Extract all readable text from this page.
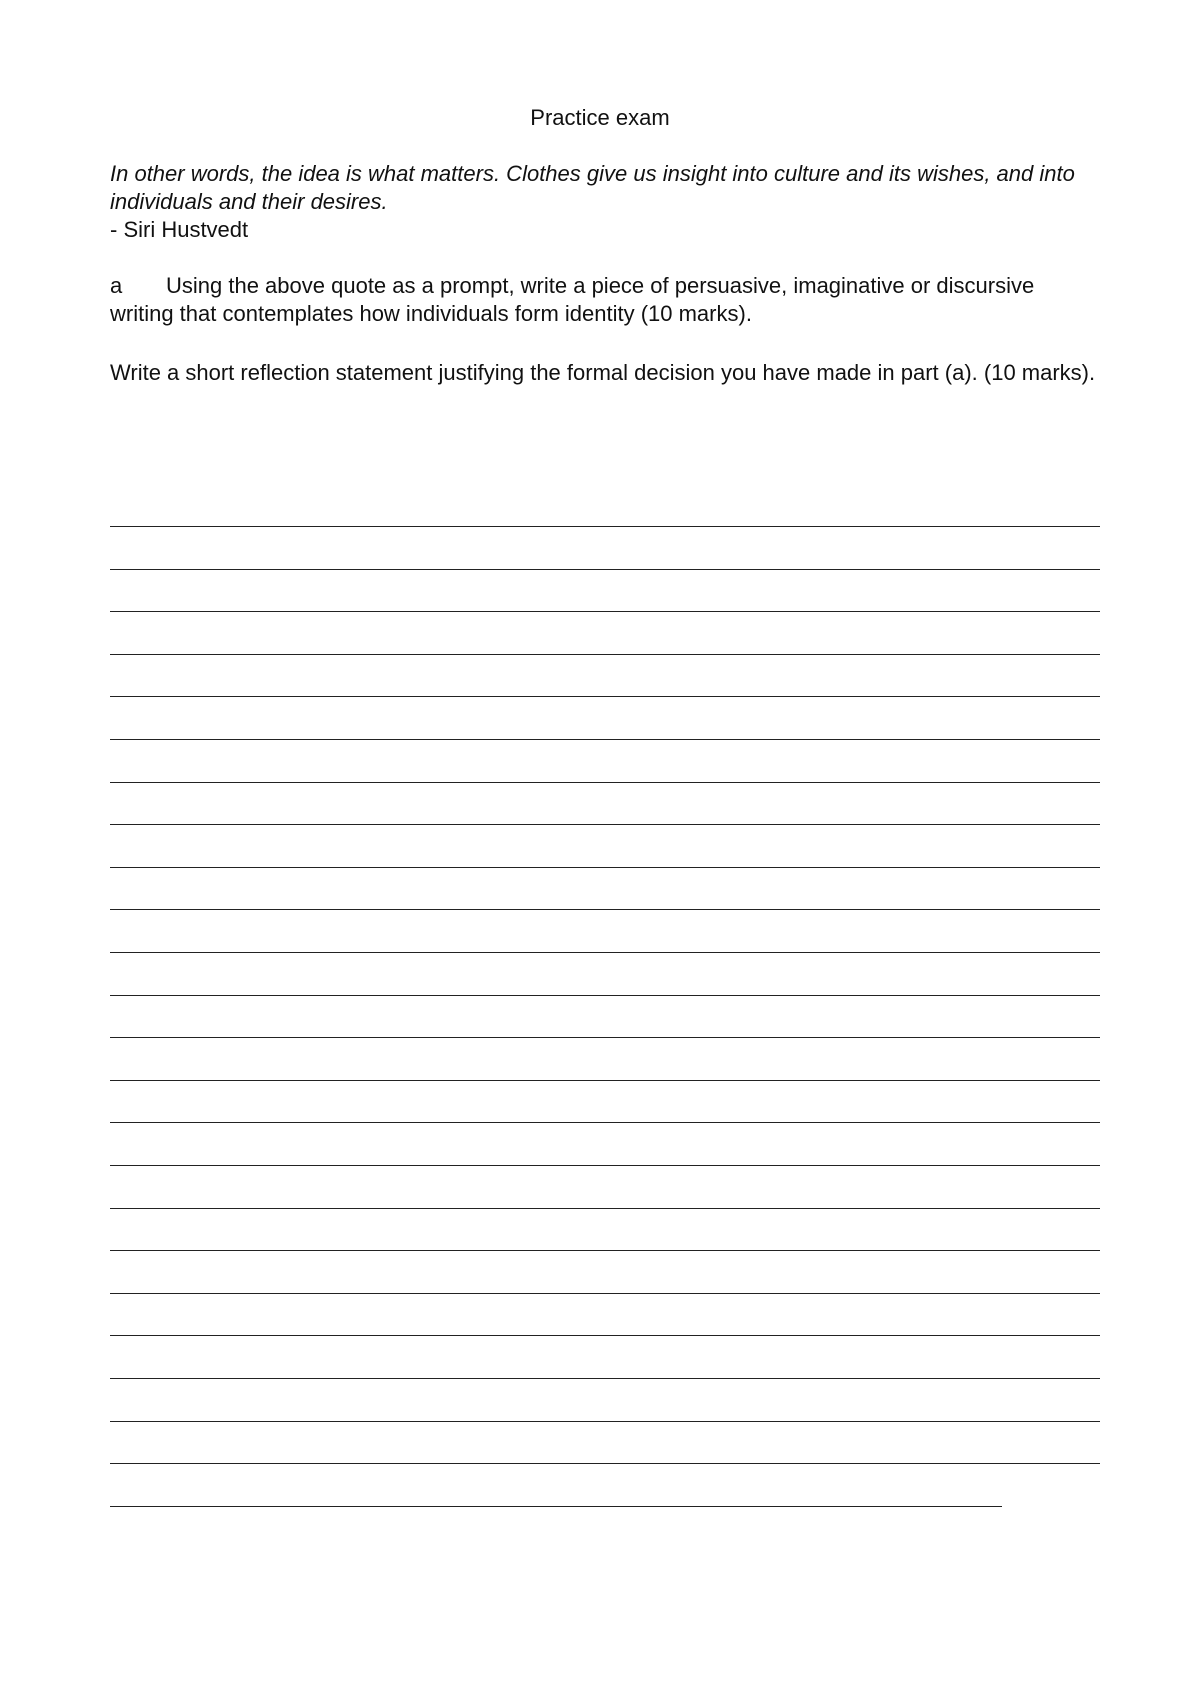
Practice exam
In other words, the idea is what matters. Clothes give us insight into culture and its wishes, and into individuals and their desires.
- Siri Hustvedt
a Using the above quote as a prompt, write a piece of persuasive, imaginative or discursive writing that contemplates how individuals form identity (10 marks).
Write a short reflection statement justifying the formal decision you have made in part (a). (10 marks).
